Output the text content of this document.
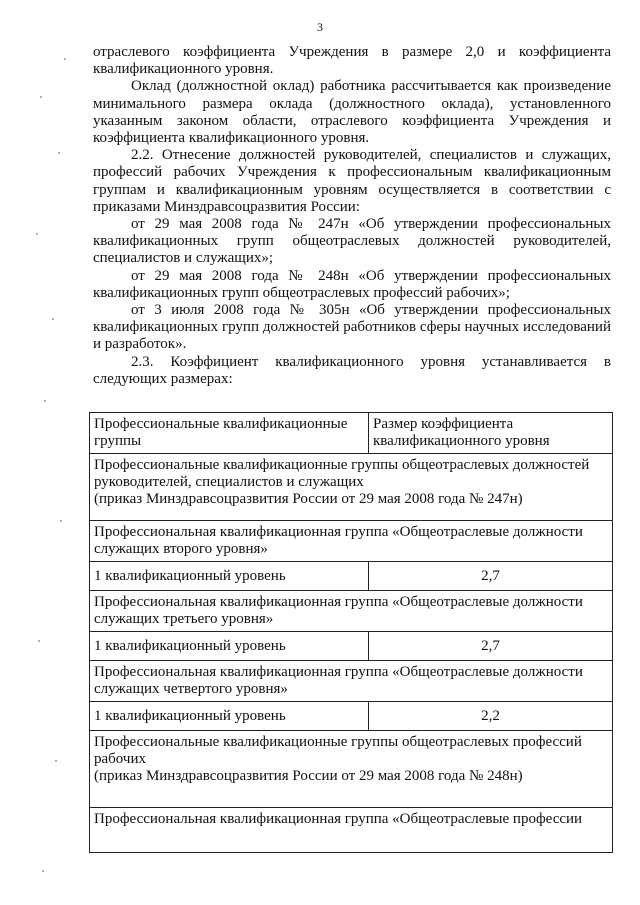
3

отраслевого коэффициента Учреждения в размере 2,0 и коэффициента квалификационного уровня.

Оклад (должностной оклад) работника рассчитывается как произведение минимального размера оклада (должностного оклада), установленного указанным законом области, отраслевого коэффициента Учреждения и коэффициента квалификационного уровня.

2.2. Отнесение должностей руководителей, специалистов и служащих, профессий рабочих Учреждения к профессиональным квалификационным группам и квалификационным уровням осуществляется в соответствии с приказами Минздравсоцразвития России:

от 29 мая 2008 года № 247н «Об утверждении профессиональных квалификационных групп общеотраслевых должностей руководителей, специалистов и служащих»;

от 29 мая 2008 года № 248н «Об утверждении профессиональных квалификационных групп общеотраслевых профессий рабочих»;

от 3 июля 2008 года № 305н «Об утверждении профессиональных квалификационных групп должностей работников сферы научных исследований и разработок».

2.3. Коэффициент квалификационного уровня устанавливается в следующих размерах:

Профессиональные квалификационные группы	Размер коэффициента квалификационного уровня

Профессиональные квалификационные группы общеотраслевых должностей руководителей, специалистов и служащих
(приказ Минздравсоцразвития России от 29 мая 2008 года № 247н)	

Профессиональная квалификационная группа «Общеотраслевые должности служащих второго уровня»	
1 квалификационный уровень	2,7
Профессиональная квалификационная группа «Общеотраслевые должности служащих третьего уровня»	
1 квалификационный уровень	2,7
Профессиональная квалификационная группа «Общеотраслевые должности служащих четвертого уровня»	
1 квалификационный уровень	2,2

Профессиональные квалификационные группы общеотраслевых профессий рабочих
(приказ Минздравсоцразвития России от 29 мая 2008 года № 248н)	

Профессиональная квалификационная группа «Общеотраслевые профессии	
